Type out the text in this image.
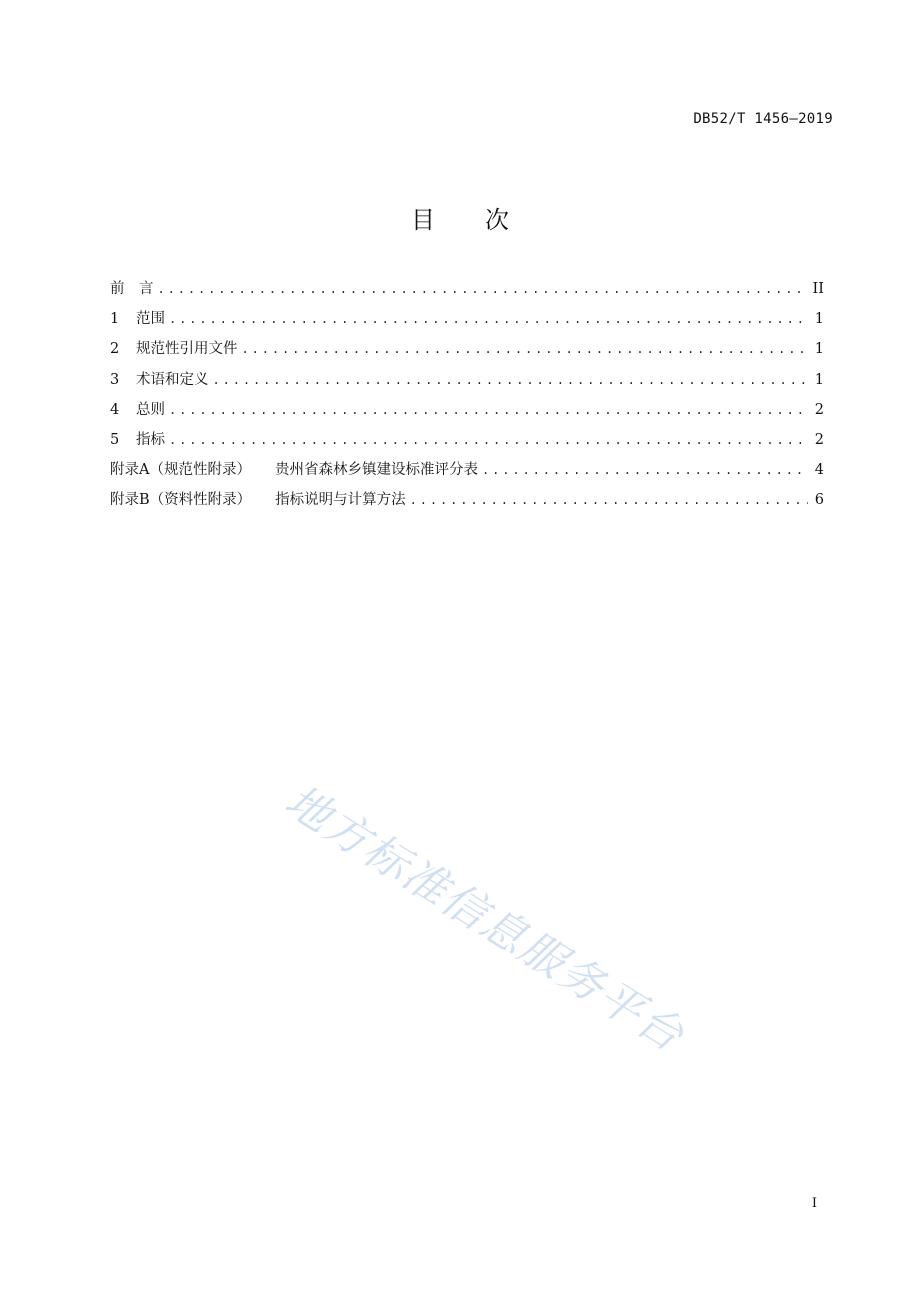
DB52/T 1456—2019
目次
前　言 .....	II
1 范围 .....	1
2 规范性引用文件 .....	1
3 术语和定义 .....	1
4 总则 .....	2
5 指标 .....	2
附录A（规范性附录） 贵州省森林乡镇建设标准评分表 .....	4
附录B（资料性附录） 指标说明与计算方法 .....	6
地方标准信息服务平台
I
